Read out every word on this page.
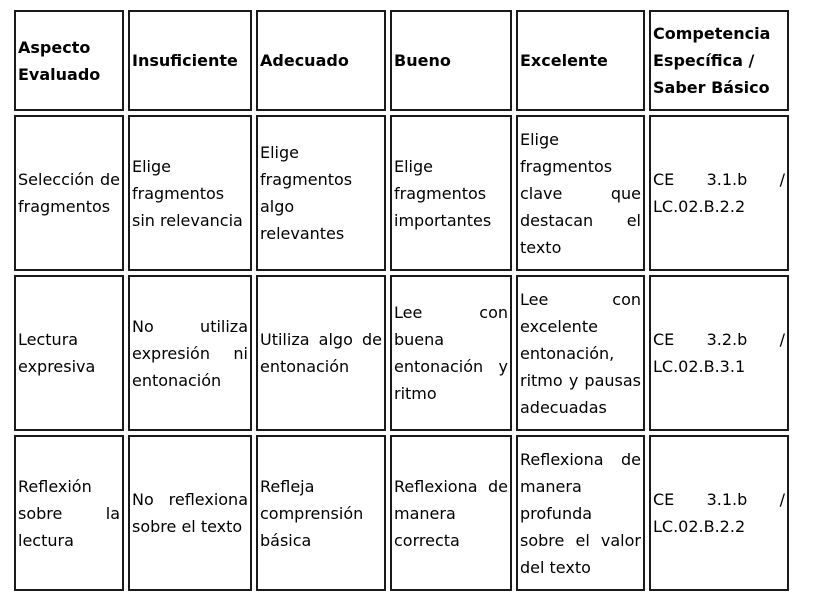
Aspecto Evaluado	Insuficiente	Adecuado	Bueno	Excelente	Competencia Específica / Saber Básico

Selección de fragmentos	Elige fragmentos sin relevancia	Elige fragmentos algo relevantes	Elige fragmentos importantes	Elige fragmentos clave que destacan el texto	CE 3.1.b / LC.02.B.2.2

Lectura expresiva	No utiliza expresión ni entonación	Utiliza algo de entonación	Lee con buena entonación y ritmo	Lee con excelente entonación, ritmo y pausas adecuadas	CE 3.2.b / LC.02.B.3.1

Reflexión sobre la lectura	No reflexiona sobre el texto	Refleja comprensión básica	Reflexiona de manera correcta	Reflexiona de manera profunda sobre el valor del texto	CE 3.1.b / LC.02.B.2.2
